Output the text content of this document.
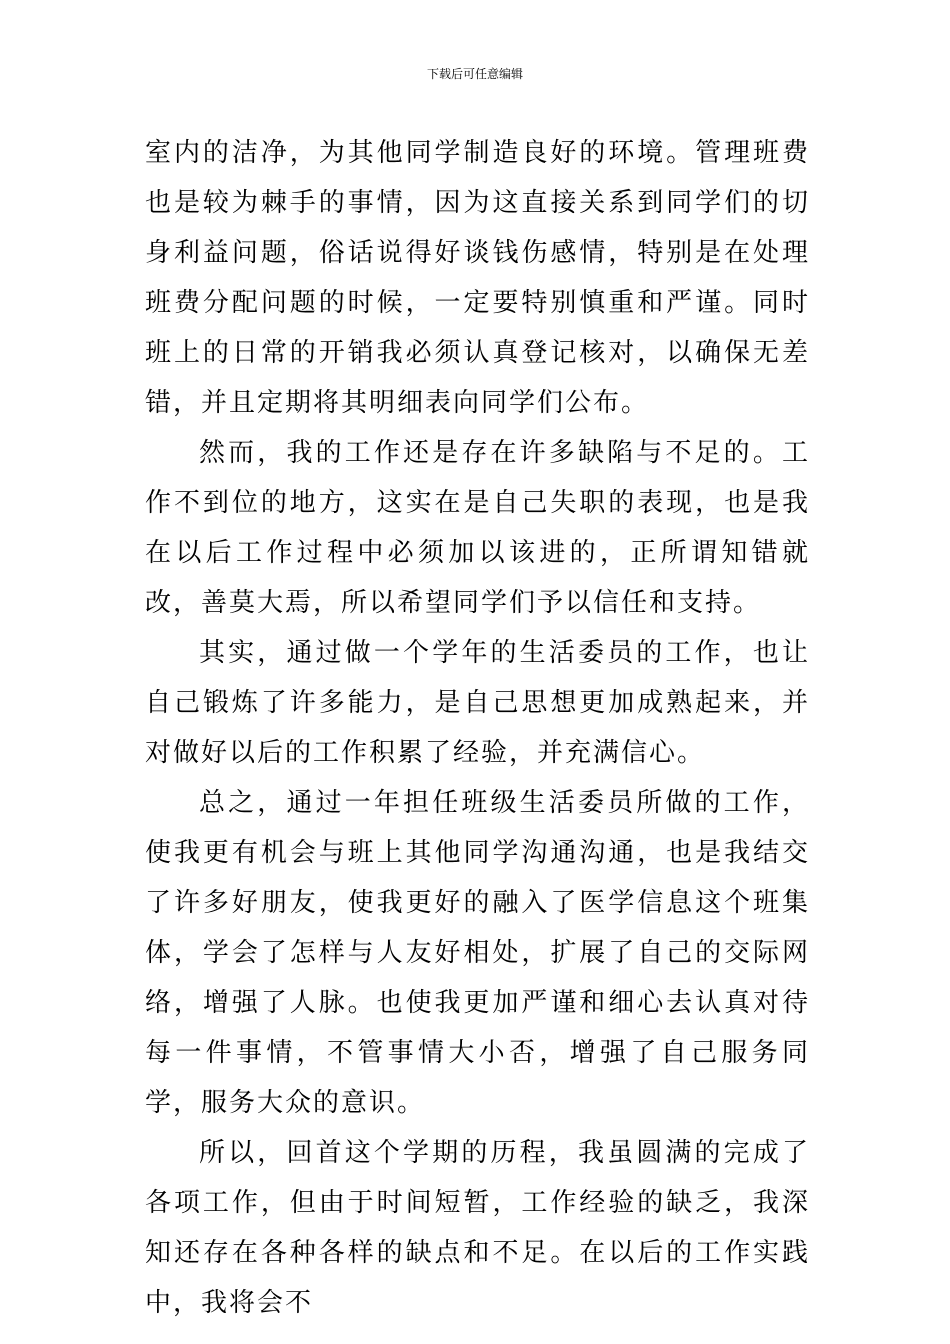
下载后可任意编辑

室内的洁净，为其他同学制造良好的环境。管理班费也是较为棘手的事情，因为这直接关系到同学们的切身利益问题，俗话说得好谈钱伤感情，特别是在处理班费分配问题的时候，一定要特别慎重和严谨。同时班上的日常的开销我必须认真登记核对，以确保无差错，并且定期将其明细表向同学们公布。

然而，我的工作还是存在许多缺陷与不足的。工作不到位的地方，这实在是自己失职的表现，也是我在以后工作过程中必须加以该进的，正所谓知错就改，善莫大焉，所以希望同学们予以信任和支持。

其实，通过做一个学年的生活委员的工作，也让自己锻炼了许多能力，是自己思想更加成熟起来，并对做好以后的工作积累了经验，并充满信心。

总之，通过一年担任班级生活委员所做的工作，使我更有机会与班上其他同学沟通沟通，也是我结交了许多好朋友，使我更好的融入了医学信息这个班集体，学会了怎样与人友好相处，扩展了自己的交际网络，增强了人脉。也使我更加严谨和细心去认真对待每一件事情，不管事情大小否，增强了自己服务同学，服务大众的意识。

所以，回首这个学期的历程，我虽圆满的完成了各项工作，但由于时间短暂，工作经验的缺乏，我深知还存在各种各样的缺点和不足。在以后的工作实践中，我将会不
